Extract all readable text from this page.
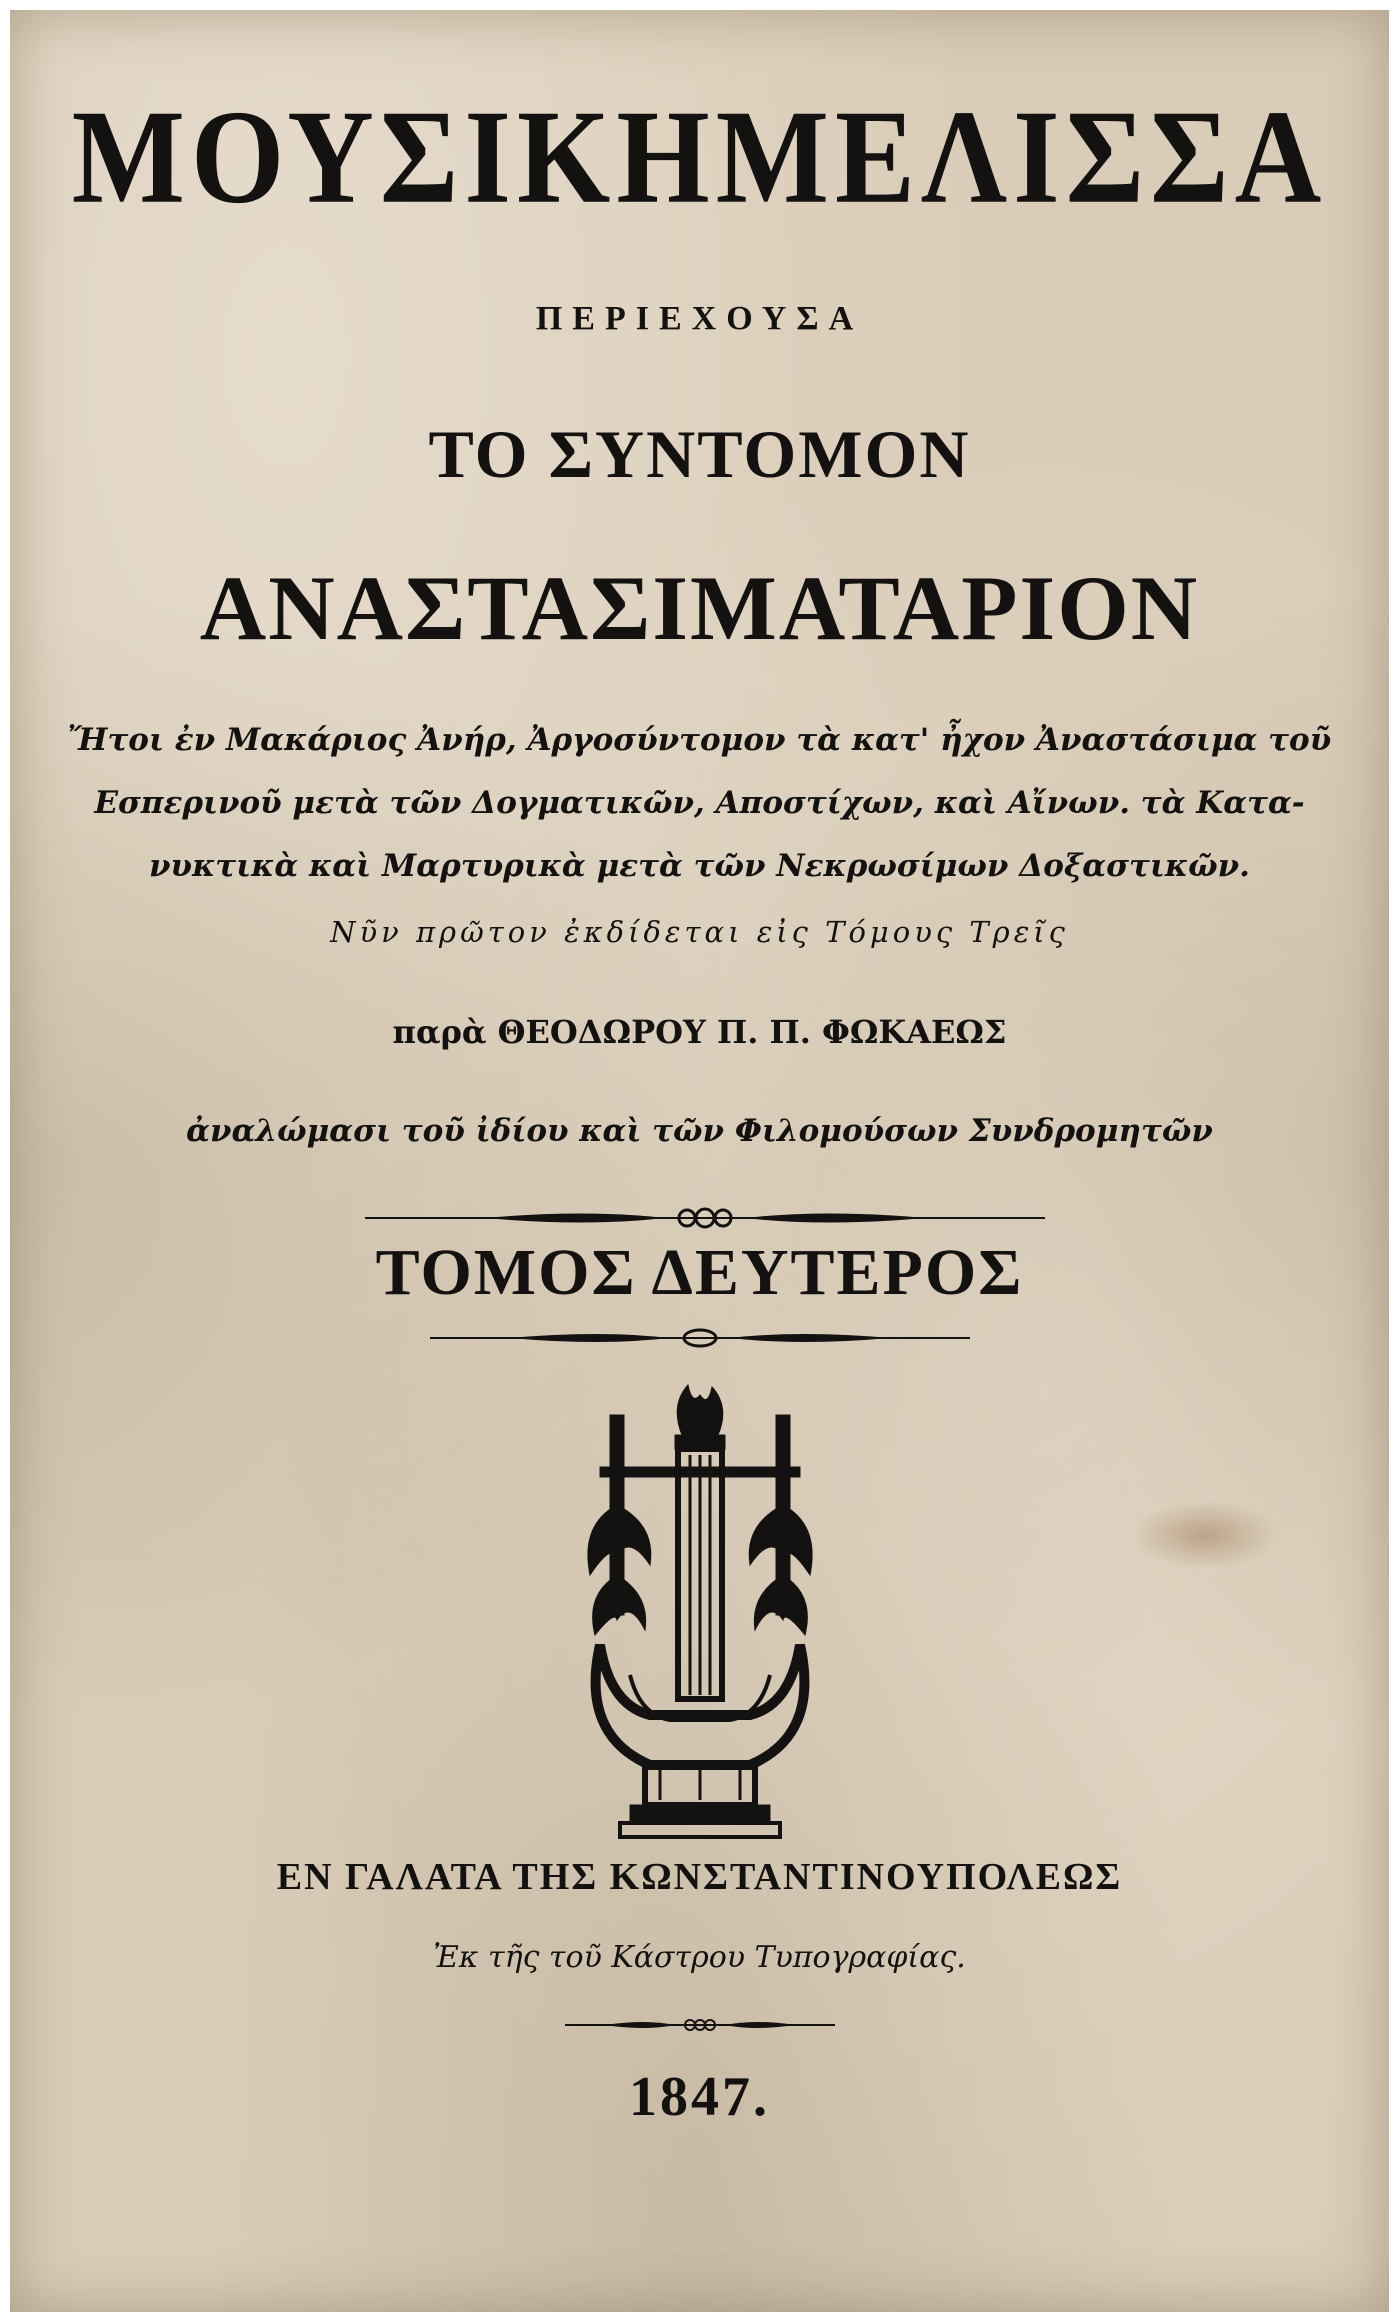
ΜΟΥΣΙΚΗΜΕΛΙΣΣΑ
ΠΕΡΙΕΧΟΥΣΑ
ΤΟ ΣΥΝΤΟΜΟΝ
ΑΝΑΣΤΑΣΙΜΑΤΑΡΙΟΝ
Ἤτοι ἐν Μακάριος Ἀνήρ, Ἀργοσύντομον τὰ κατ' ἦχον Ἀναστάσιμα τοῦ
Εσπερινοῦ μετὰ τῶν Δογματικῶν, Αποστίχων, καὶ Αἴνων. τὰ Κατα-
νυκτικὰ καὶ Μαρτυρικὰ μετὰ τῶν Νεκρωσίμων Δοξαστικῶν.
Νῦν πρῶτον ἐκδίδεται εἰς Τόμους Τρεῖς
παρὰ ΘΕΟΔΩΡΟΥ Π. Π. ΦΩΚΑΕΩΣ
ἀναλώμασι τοῦ ἰδίου καὶ τῶν Φιλομούσων Συνδρομητῶν
ΤΟΜΟΣ ΔΕΥΤΕΡΟΣ
ΕΝ ΓΑΛΑΤΑ ΤΗΣ ΚΩΝΣΤΑΝΤΙΝΟΥΠΟΛΕΩΣ
Ἐκ τῆς τοῦ Κάστρου Τυπογραφίας.
1847.
